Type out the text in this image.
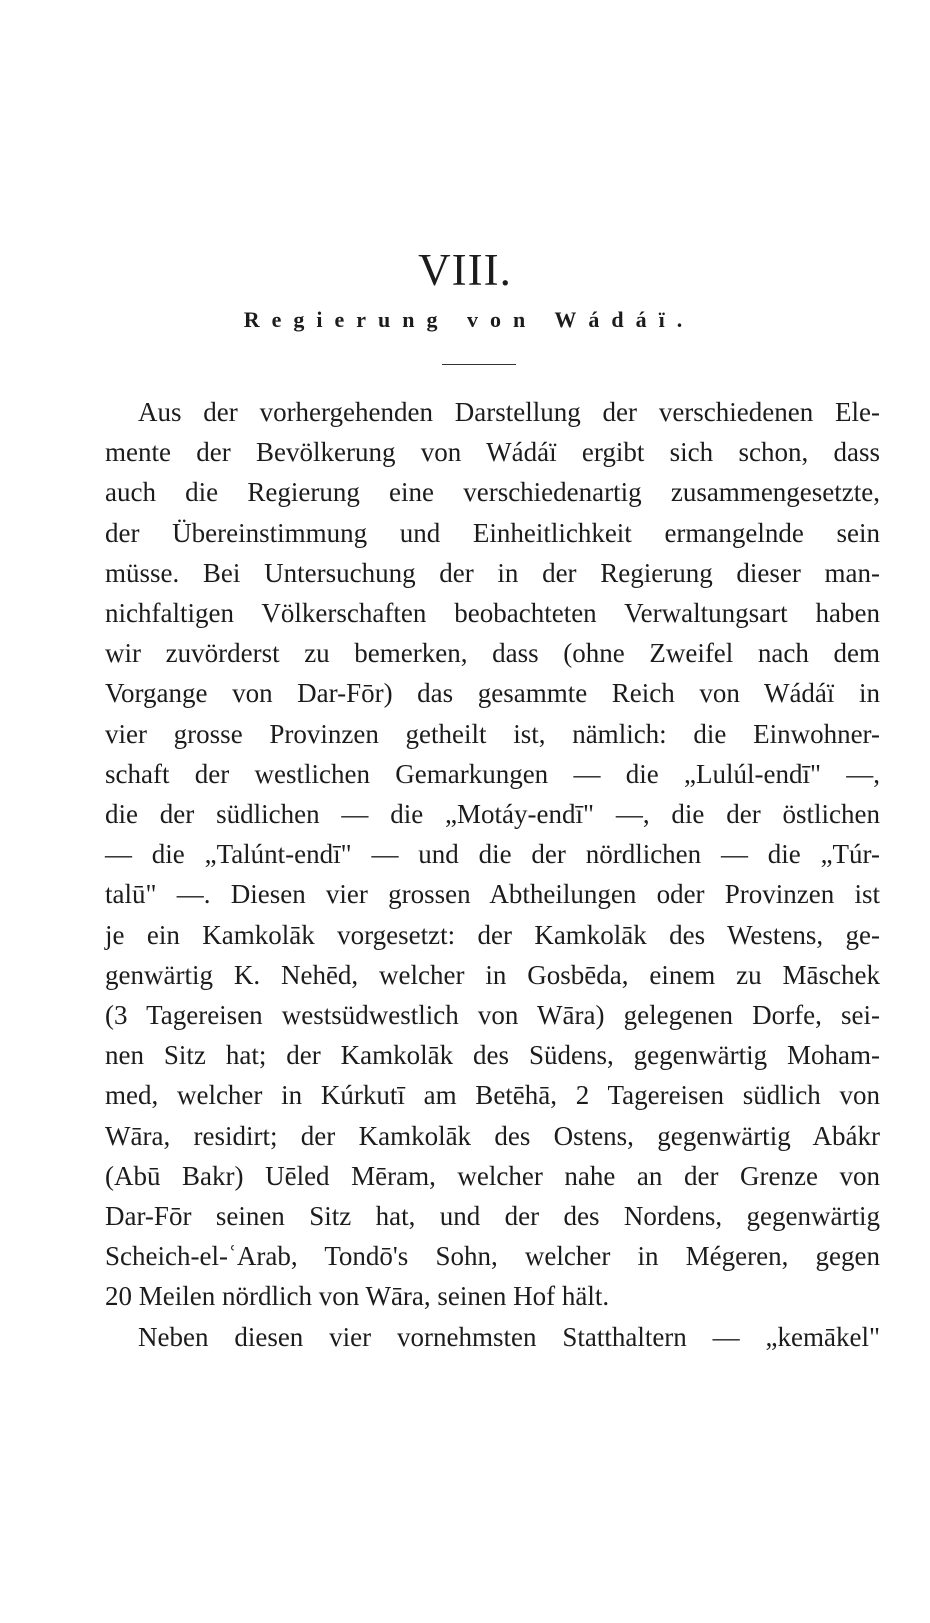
VIII.
Regierung von Wádáï.
Aus der vorhergehenden Darstellung der verschiedenen Ele-
mente der Bevölkerung von Wádáï ergibt sich schon, dass
auch die Regierung eine verschiedenartig zusammengesetzte,
der Übereinstimmung und Einheitlichkeit ermangelnde sein
müsse. Bei Untersuchung der in der Regierung dieser man-
nichfaltigen Völkerschaften beobachteten Verwaltungsart haben
wir zuvörderst zu bemerken, dass (ohne Zweifel nach dem
Vorgange von Dar-Fōr) das gesammte Reich von Wádáï in
vier grosse Provinzen getheilt ist, nämlich: die Einwohner-
schaft der westlichen Gemarkungen — die „Lulúl-endī" —,
die der südlichen — die „Motáy-endī" —, die der östlichen
— die „Talúnt-endī" — und die der nördlichen — die „Túr-
talū" —. Diesen vier grossen Abtheilungen oder Provinzen ist
je ein Kamkolāk vorgesetzt: der Kamkolāk des Westens, ge-
genwärtig K. Nehēd, welcher in Gosbēda, einem zu Māschek
(3 Tagereisen westsüdwestlich von Wāra) gelegenen Dorfe, sei-
nen Sitz hat; der Kamkolāk des Südens, gegenwärtig Moham-
med, welcher in Kúrkutī am Betēhā, 2 Tagereisen südlich von
Wāra, residirt; der Kamkolāk des Ostens, gegenwärtig Abákr
(Abū Bakr) Uēled Mēram, welcher nahe an der Grenze von
Dar-Fōr seinen Sitz hat, und der des Nordens, gegenwärtig
Scheich-el-ʿArab, Tondō's Sohn, welcher in Mégeren, gegen
20 Meilen nördlich von Wāra, seinen Hof hält.
Neben diesen vier vornehmsten Statthaltern — „kemākel"
